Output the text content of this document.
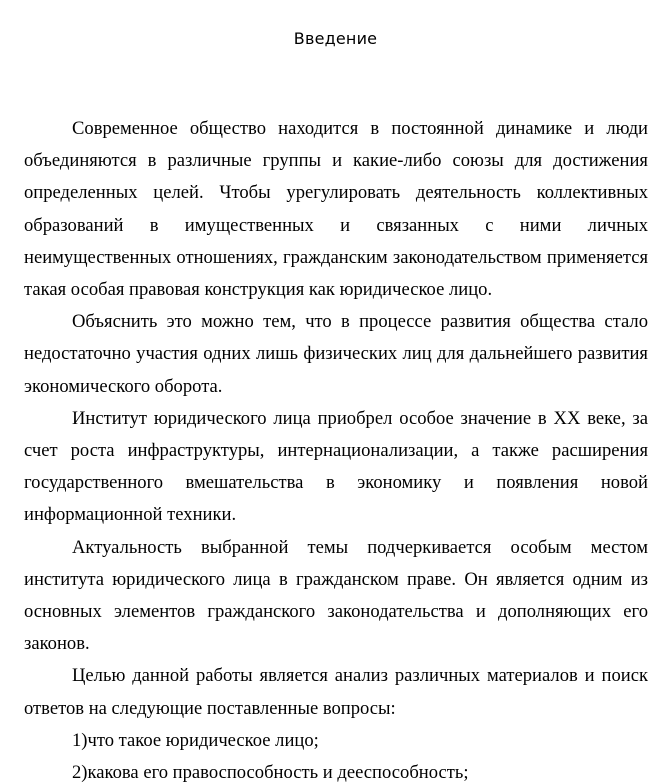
Введение

Современное общество находится в постоянной динамике и люди объединяются в различные группы и какие-либо союзы для достижения определенных целей. Чтобы урегулировать деятельность коллективных образований в имущественных и связанных с ними личных неимущественных отношениях, гражданским законодательством применяется такая особая правовая конструкция как юридическое лицо.

Объяснить это можно тем, что в процессе развития общества стало недостаточно участия одних лишь физических лиц для дальнейшего развития экономического оборота.

Институт юридического лица приобрел особое значение в XX веке, за счет роста инфраструктуры, интернационализации, а также расширения государственного вмешательства в экономику и появления новой информационной техники.

Актуальность выбранной темы подчеркивается особым местом института юридического лица в гражданском праве. Он является одним из основных элементов гражданского законодательства и дополняющих его законов.

Целью данной работы является анализ различных материалов и поиск ответов на следующие поставленные вопросы:

1)что такое юридическое лицо;

2)какова его правоспособность и дееспособность;
